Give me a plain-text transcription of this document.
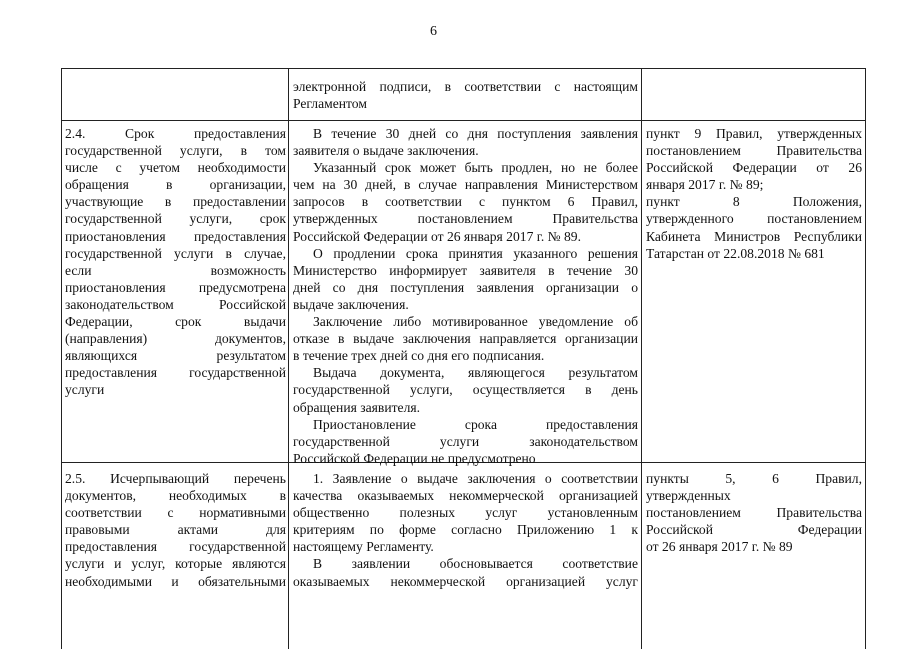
6
электронной подписи, в соответствии с настоящим
Регламентом
2.4. Срок предоставления
государственной услуги, в том
числе с учетом необходимости
обращения в организации,
участвующие в предоставлении
государственной услуги, срок
приостановления предоставления
государственной услуги в случае,
если возможность
приостановления предусмотрена
законодательством Российской
Федерации, срок выдачи
(направления) документов,
являющихся результатом
предоставления государственной
услуги
В течение 30 дней со дня поступления заявления
заявителя о выдаче заключения.
Указанный срок может быть продлен, но не более
чем на 30 дней, в случае направления Министерством
запросов в соответствии с пунктом 6 Правил,
утвержденных постановлением Правительства
Российской Федерации от 26 января 2017 г. № 89.
О продлении срока принятия указанного решения
Министерство информирует заявителя в течение 30
дней со дня поступления заявления организации о
выдаче заключения.
Заключение либо мотивированное уведомление об
отказе в выдаче заключения направляется организации
в течение трех дней со дня его подписания.
Выдача документа, являющегося результатом
государственной услуги, осуществляется в день
обращения заявителя.
Приостановление срока предоставления
государственной услуги законодательством
Российской Федерации не предусмотрено
пункт 9 Правил, утвержденных
постановлением Правительства
Российской Федерации от 26
января 2017 г. № 89;
пункт 8 Положения,
утвержденного постановлением
Кабинета Министров Республики
Татарстан от 22.08.2018 № 681
2.5. Исчерпывающий перечень
документов, необходимых в
соответствии с нормативными
правовыми актами для
предоставления государственной
услуги и услуг, которые являются
необходимыми и обязательными
1. Заявление о выдаче заключения о соответствии
качества оказываемых некоммерческой организацией
общественно полезных услуг установленным
критериям по форме согласно Приложению 1 к
настоящему Регламенту.
В заявлении обосновывается соответствие
оказываемых некоммерческой организацией услуг
пункты 5, 6 Правил,
утвержденных
постановлением Правительства
Российской Федерации
от 26 января 2017 г. № 89
